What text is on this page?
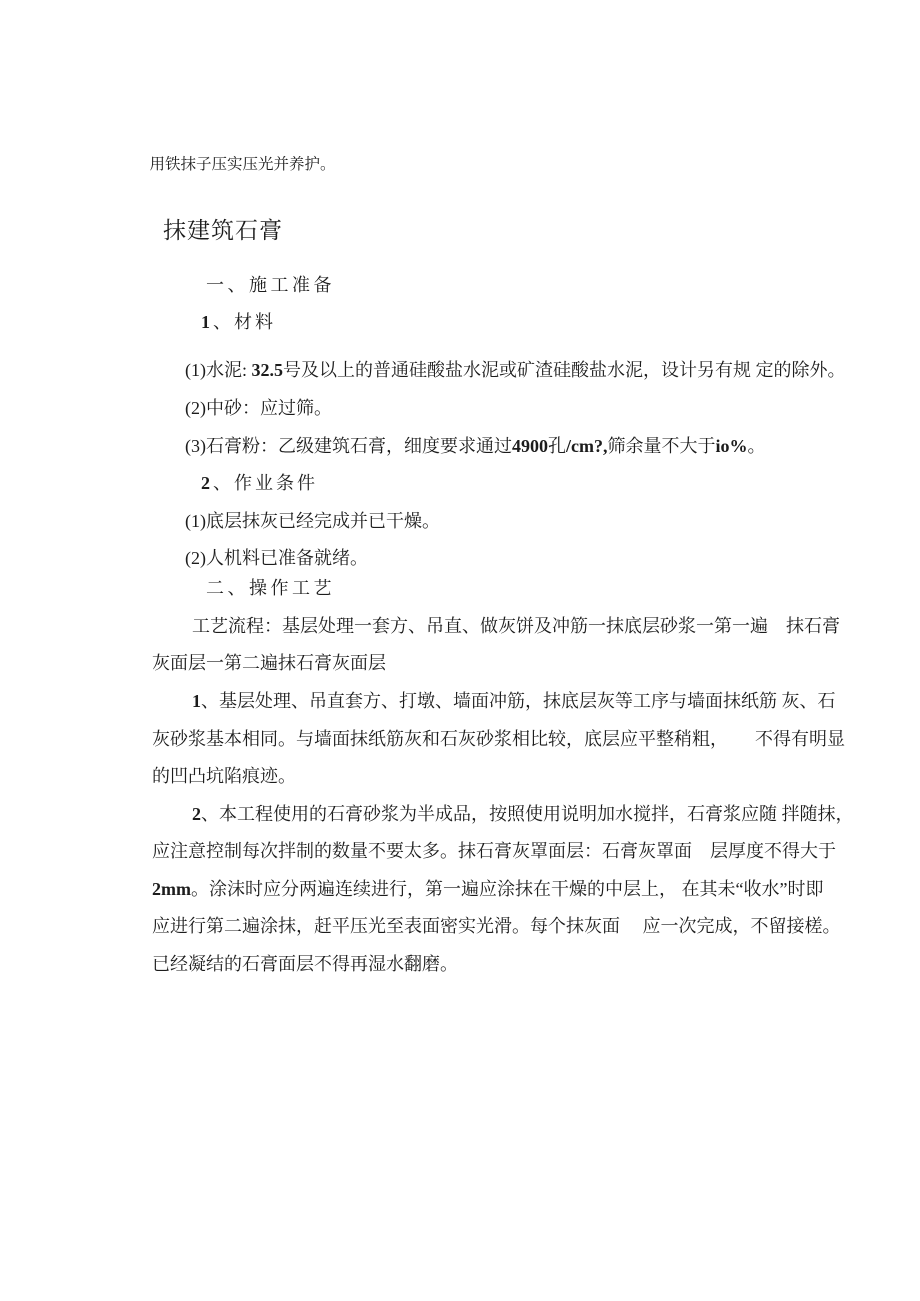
用铁抹子压实压光并养护。

抹建筑石膏

一、施工准备

1、材料

(1)水泥: 32.5号及以上的普通硅酸盐水泥或矿渣硅酸盐水泥，设计另有规 定的除外。

(2)中砂：应过筛。

(3)石膏粉：乙级建筑石膏，细度要求通过4900孔/cm?,筛余量不大于io%。

2、作业条件

(1)底层抹灰已经完成并已干燥。

(2)人机料已准备就绪。

二、操作工艺

工艺流程：基层处理一套方、吊直、做灰饼及冲筋一抹底层砂浆一第一遍　抹石膏

灰面层一第二遍抹石膏灰面层

1、基层处理、吊直套方、打墩、墙面冲筋，抹底层灰等工序与墙面抹纸筋 灰、石

灰砂浆基本相同。与墙面抹纸筋灰和石灰砂浆相比较，底层应平整稍粗，　　不得有明显

的凹凸坑陷痕迹。

2、本工程使用的石膏砂浆为半成品，按照使用说明加水搅拌，石膏浆应随 拌随抹，

应注意控制每次拌制的数量不要太多。抹石膏灰罩面层：石膏灰罩面　层厚度不得大于

2mm。涂沫时应分两遍连续进行，第一遍应涂抹在干燥的中层上， 在其未“收水”时即

应进行第二遍涂抹，赶平压光至表面密实光滑。每个抹灰面　 应一次完成，不留接槎。

已经凝结的石膏面层不得再湿水翻磨。
